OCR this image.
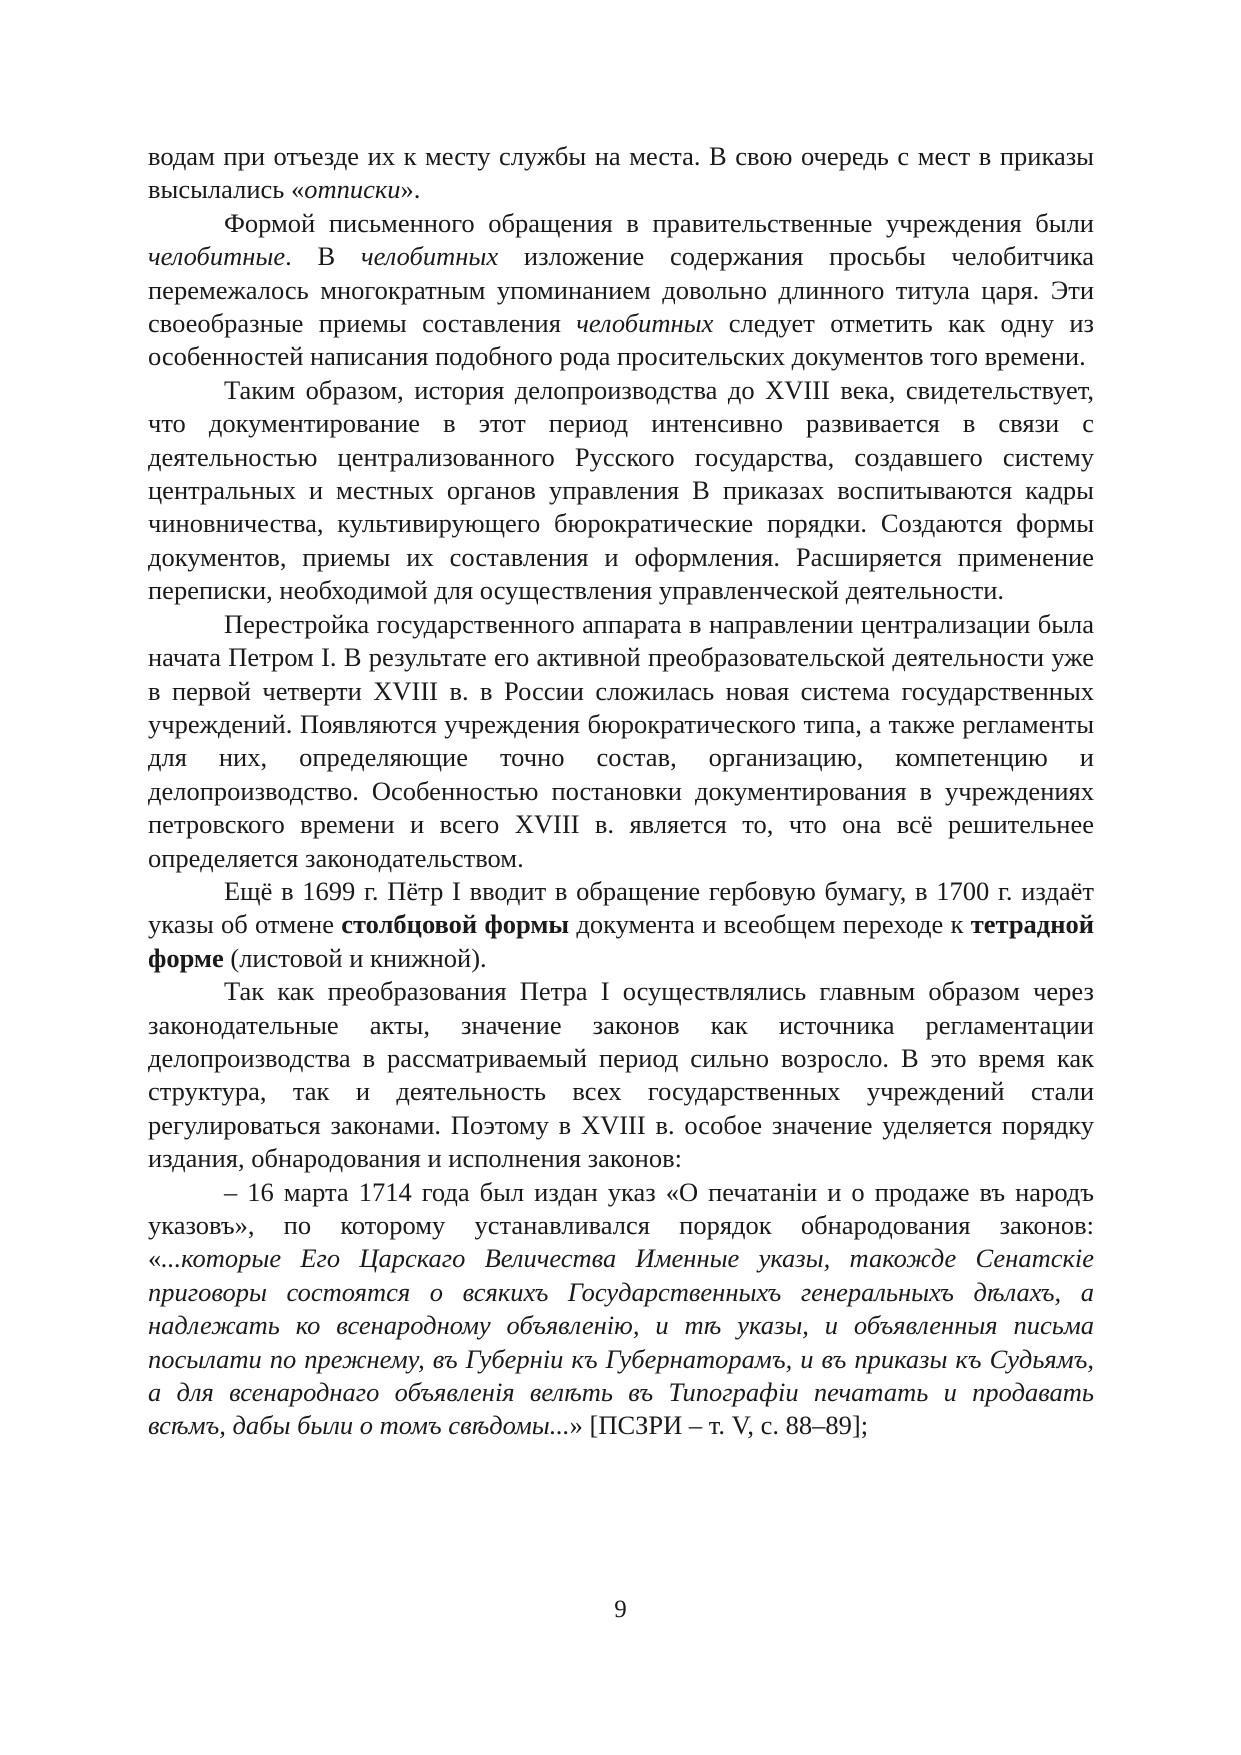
водам при отъезде их к месту службы на места. В свою очередь с мест в приказы высылались «отписки».

Формой письменного обращения в правительственные учреждения были челобитные. В челобитных изложение содержания просьбы челобитчика перемежалось многократным упоминанием довольно длинного титула царя. Эти своеобразные приемы составления челобитных следует отметить как одну из особенностей написания подобного рода просительских документов того времени.

Таким образом, история делопроизводства до XVIII века, свидетельствует, что документирование в этот период интенсивно развивается в связи с деятельностью централизованного Русского государства, создавшего систему центральных и местных органов управления В приказах воспитываются кадры чиновничества, культивирующего бюрократические порядки. Создаются формы документов, приемы их составления и оформления. Расширяется применение переписки, необходимой для осуществления управленческой деятельности.

Перестройка государственного аппарата в направлении централизации была начата Петром I. В результате его активной преобразовательской деятельности уже в первой четверти XVIII в. в России сложилась новая система государственных учреждений. Появляются учреждения бюрократического типа, а также регламенты для них, определяющие точно состав, организацию, компетенцию и делопроизводство. Особенностью постановки документирования в учреждениях петровского времени и всего XVIII в. является то, что она всё решительнее определяется законодательством.

Ещё в 1699 г. Пётр I вводит в обращение гербовую бумагу, в 1700 г. издаёт указы об отмене столбцовой формы документа и всеобщем переходе к тетрадной форме (листовой и книжной).

Так как преобразования Петра I осуществлялись главным образом через законодательные акты, значение законов как источника регламентации делопроизводства в рассматриваемый период сильно возросло. В это время как структура, так и деятельность всех государственных учреждений стали регулироваться законами. Поэтому в XVIII в. особое значение уделяется порядку издания, обнародования и исполнения законов:

– 16 марта 1714 года был издан указ «О печатаніи и о продаже въ народъ указовъ», по которому устанавливался порядок обнародования законов: «...которые Его Царскаго Величества Именные указы, такожде Сенатскіе приговоры состоятся о всякихъ Государственныхъ генеральныхъ дѣлахъ, а надлежать ко всенародному объявленію, и тѣ указы, и объявленныя письма посылати по прежнему, въ Губерніи къ Губернаторамъ, и въ приказы къ Судьямъ, а для всенароднаго объявленія велѣть въ Типографіи печатать и продавать всѣмъ, дабы были о томъ свѣдомы...» [ПСЗРИ – т. V, с. 88–89];

9
